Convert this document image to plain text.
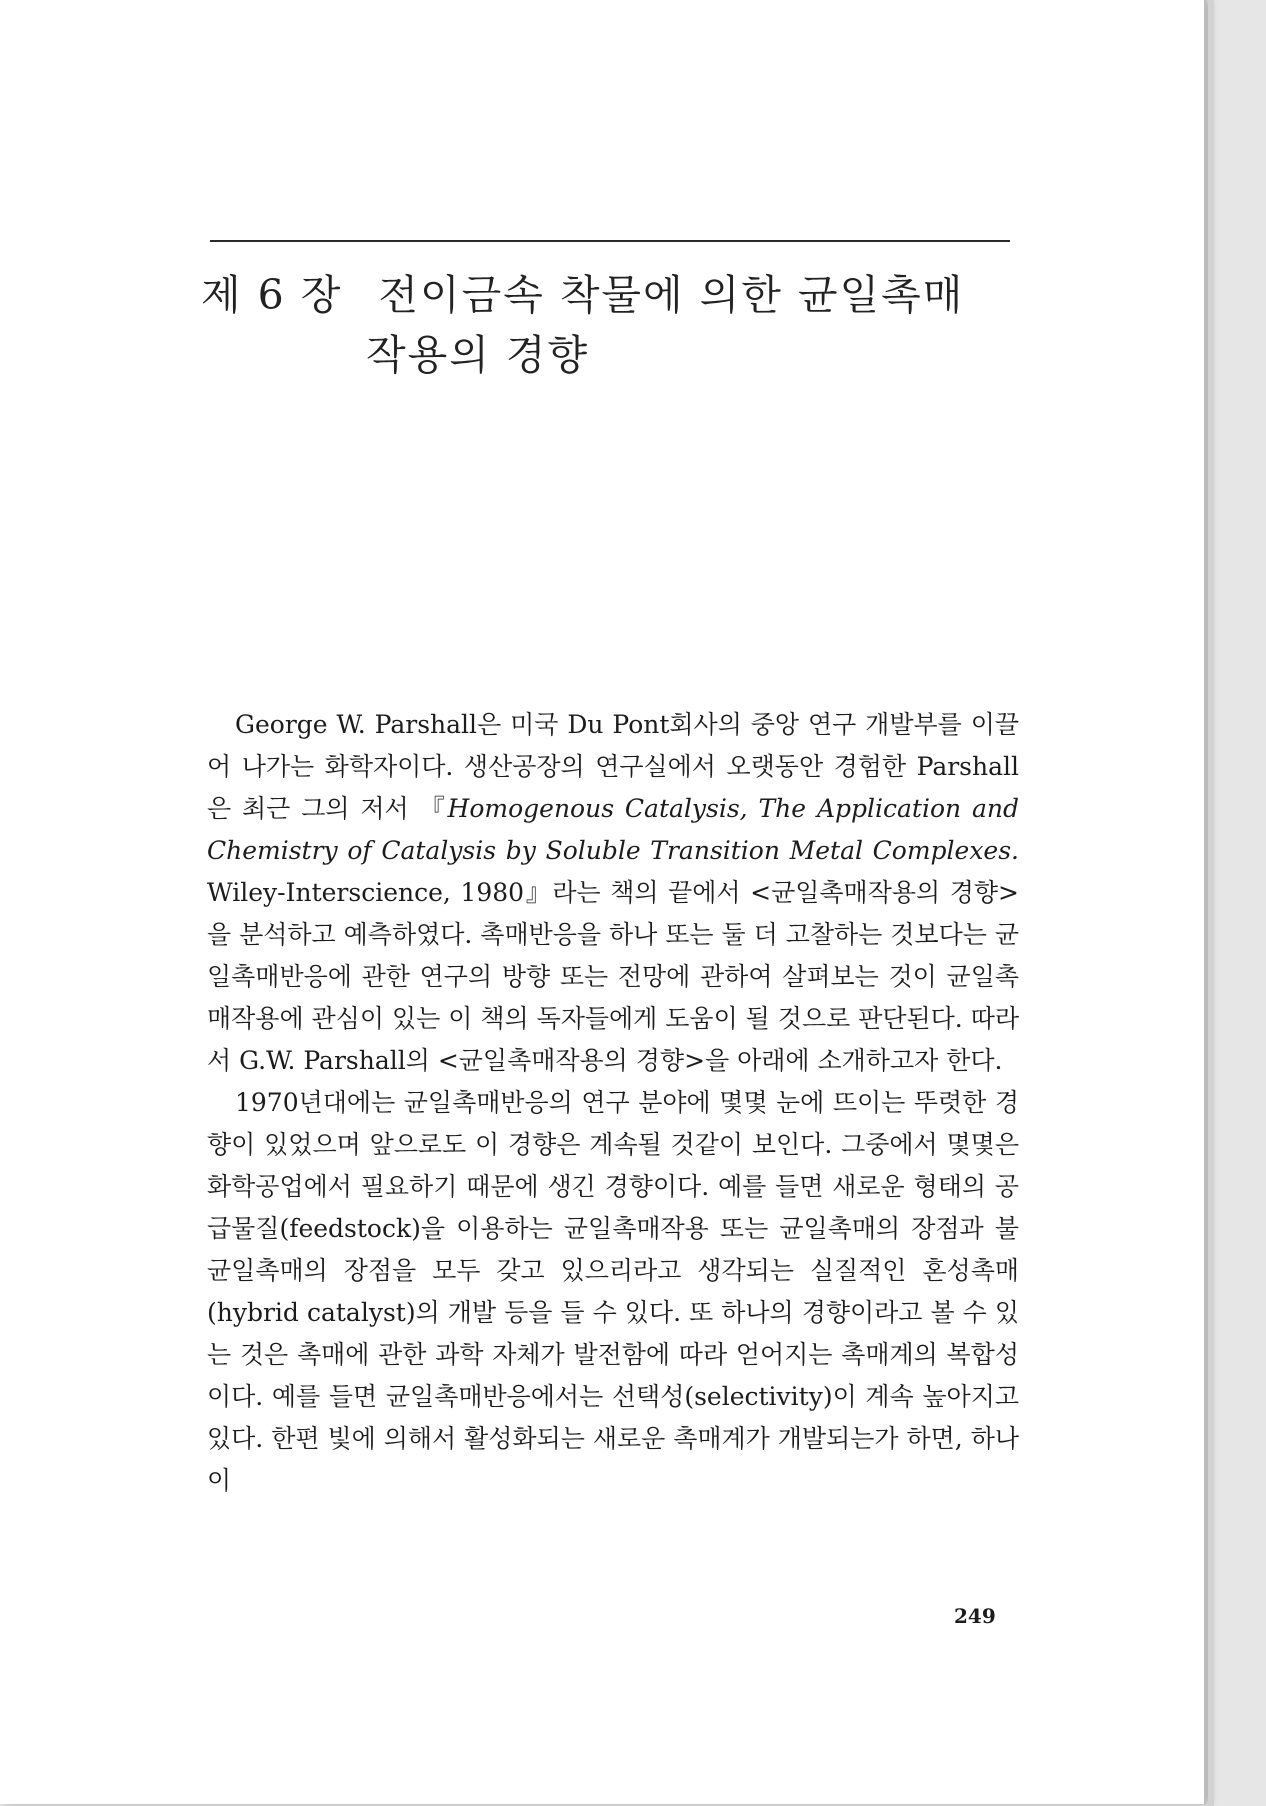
제 6 장 전이금속 착물에 의한 균일촉매
작용의 경향

George W. Parshall은 미국 Du Pont회사의 중앙 연구 개발부를 이끌어 나가는 화학자이다. 생산공장의 연구실에서 오랫동안 경험한 Parshall은 최근 그의 저서 『Homogenous Catalysis, The Application and Chemistry of Catalysis by Soluble Transition Metal Complexes. Wiley-Interscience, 1980』라는 책의 끝에서 <균일촉매작용의 경향>을 분석하고 예측하였다. 촉매반응을 하나 또는 둘 더 고찰하는 것보다는 균일촉매반응에 관한 연구의 방향 또는 전망에 관하여 살펴보는 것이 균일촉매작용에 관심이 있는 이 책의 독자들에게 도움이 될 것으로 판단된다. 따라서 G.W. Parshall의 <균일촉매작용의 경향>을 아래에 소개하고자 한다.

1970년대에는 균일촉매반응의 연구 분야에 몇몇 눈에 뜨이는 뚜렷한 경향이 있었으며 앞으로도 이 경향은 계속될 것같이 보인다. 그중에서 몇몇은 화학공업에서 필요하기 때문에 생긴 경향이다. 예를 들면 새로운 형태의 공급물질(feedstock)을 이용하는 균일촉매작용 또는 균일촉매의 장점과 불균일촉매의 장점을 모두 갖고 있으리라고 생각되는 실질적인 혼성촉매(hybrid catalyst)의 개발 등을 들 수 있다. 또 하나의 경향이라고 볼 수 있는 것은 촉매에 관한 과학 자체가 발전함에 따라 얻어지는 촉매계의 복합성이다. 예를 들면 균일촉매반응에서는 선택성(selectivity)이 계속 높아지고 있다. 한편 빛에 의해서 활성화되는 새로운 촉매계가 개발되는가 하면, 하나 이

249
